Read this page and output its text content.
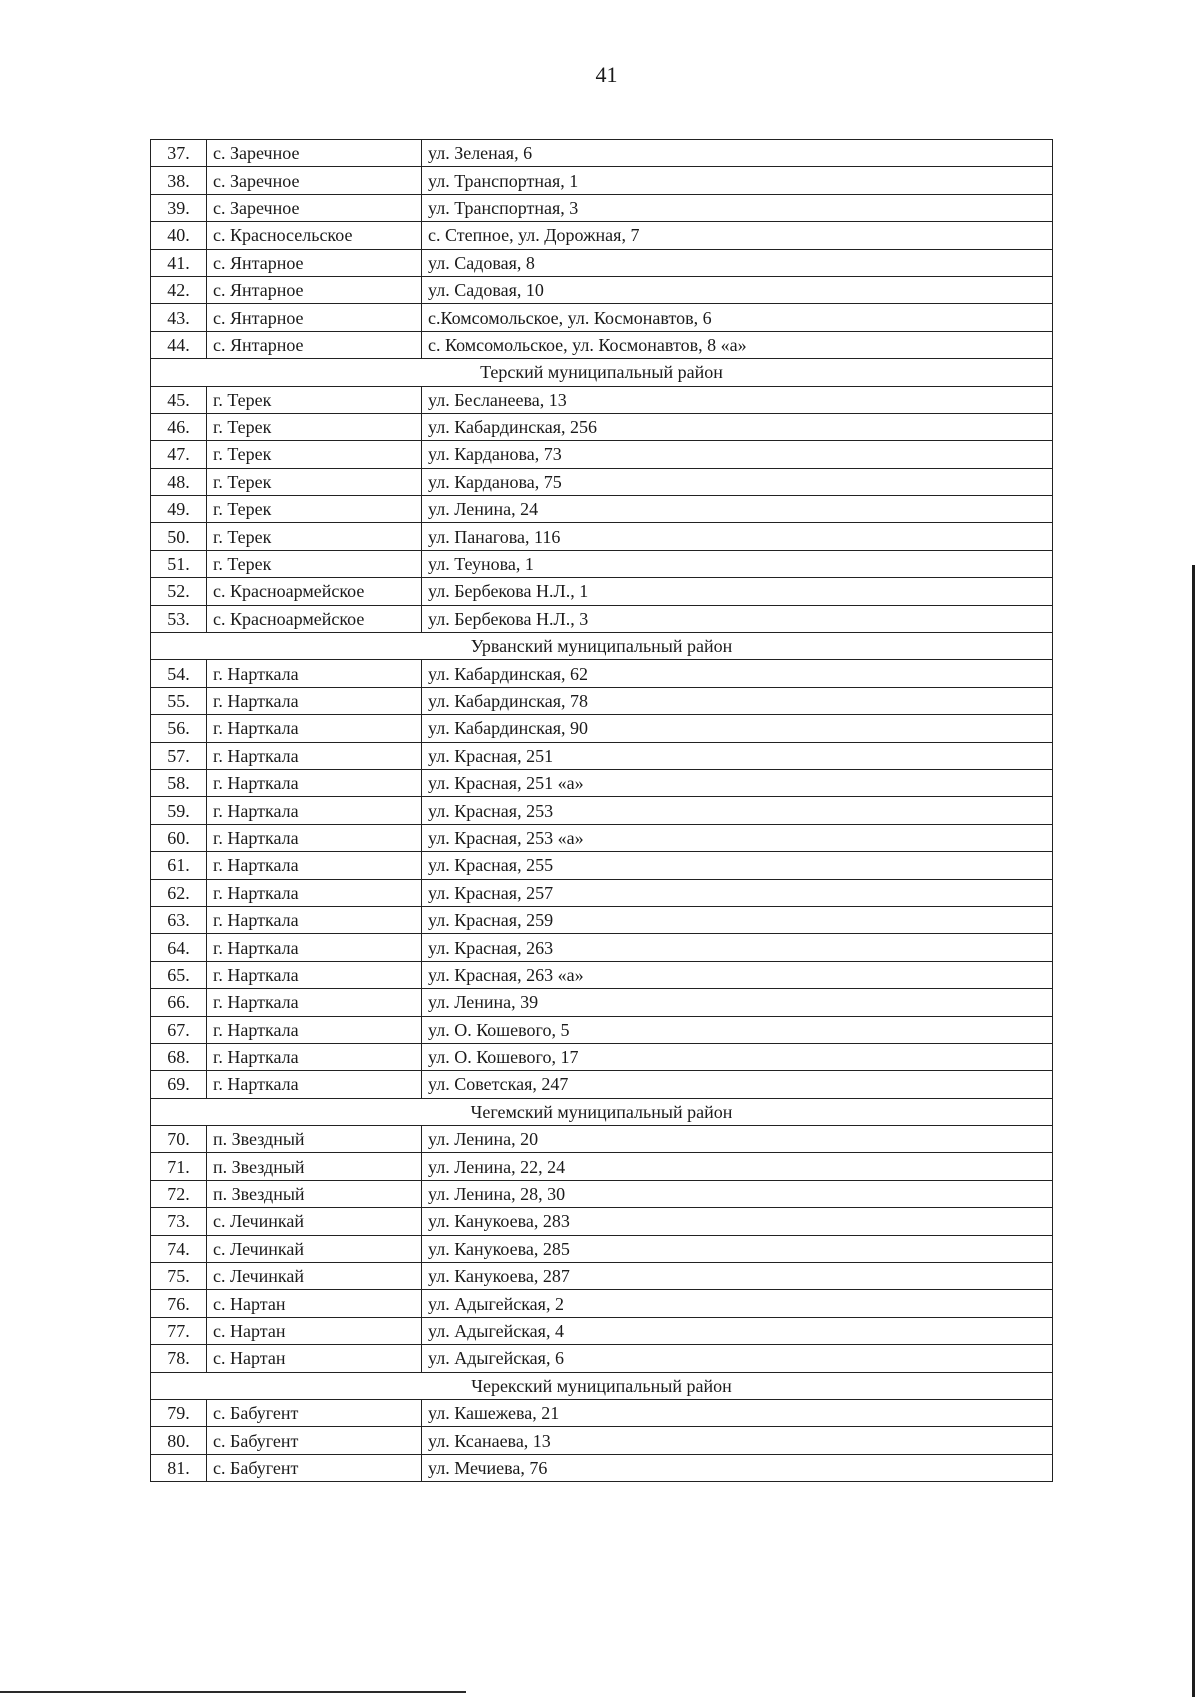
41
37.	с. Заречное	ул. Зеленая, 6
38.	с. Заречное	ул. Транспортная, 1
39.	с. Заречное	ул. Транспортная, 3
40.	с. Красносельское	с. Степное, ул. Дорожная, 7
41.	с. Янтарное	ул. Садовая, 8
42.	с. Янтарное	ул. Садовая, 10
43.	с. Янтарное	с.Комсомольское, ул. Космонавтов, 6
44.	с. Янтарное	с. Комсомольское, ул. Космонавтов, 8 «а»
Терский муниципальный район		
45.	г. Терек	ул. Бесланеева, 13
46.	г. Терек	ул. Кабардинская, 256
47.	г. Терек	ул. Карданова, 73
48.	г. Терек	ул. Карданова, 75
49.	г. Терек	ул. Ленина, 24
50.	г. Терек	ул. Панагова, 116
51.	г. Терек	ул. Теунова, 1
52.	с. Красноармейское	ул. Бербекова Н.Л., 1
53.	с. Красноармейское	ул. Бербекова Н.Л., 3
Урванский муниципальный район		
54.	г. Нарткала	ул. Кабардинская, 62
55.	г. Нарткала	ул. Кабардинская, 78
56.	г. Нарткала	ул. Кабардинская, 90
57.	г. Нарткала	ул. Красная, 251
58.	г. Нарткала	ул. Красная, 251 «а»
59.	г. Нарткала	ул. Красная, 253
60.	г. Нарткала	ул. Красная, 253 «а»
61.	г. Нарткала	ул. Красная, 255
62.	г. Нарткала	ул. Красная, 257
63.	г. Нарткала	ул. Красная, 259
64.	г. Нарткала	ул. Красная, 263
65.	г. Нарткала	ул. Красная, 263 «а»
66.	г. Нарткала	ул. Ленина, 39
67.	г. Нарткала	ул. О. Кошевого, 5
68.	г. Нарткала	ул. О. Кошевого, 17
69.	г. Нарткала	ул. Советская, 247
Чегемский муниципальный район		
70.	п. Звездный	ул. Ленина, 20
71.	п. Звездный	ул. Ленина, 22, 24
72.	п. Звездный	ул. Ленина, 28, 30
73.	с. Лечинкай	ул. Канукоева, 283
74.	с. Лечинкай	ул. Канукоева, 285
75.	с. Лечинкай	ул. Канукоева, 287
76.	с. Нартан	ул. Адыгейская, 2
77.	с. Нартан	ул. Адыгейская, 4
78.	с. Нартан	ул. Адыгейская, 6
Черекский муниципальный район		
79.	с. Бабугент	ул. Кашежева, 21
80.	с. Бабугент	ул. Ксанаева, 13
81.	с. Бабугент	ул. Мечиева, 76
